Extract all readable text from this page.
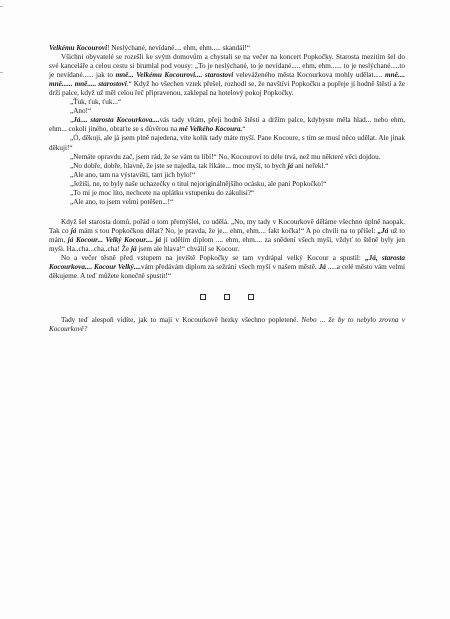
Velkému Kocourovi! Neslýchané, nevídané.... ehm, ehm..... skandál!“

Všichni obyvatelé se rozešli ke svým domovům a chystali se na večer na koncert Popkočky. Starosta mezitím šel do své kanceláře a celou cestu si brumlal pod vousy: „To je neslýchané, to je nevídané..... ehm, ehm...... to je neslýchané.....to je nevídané...... jak to mně... Velkému Kocourovi.... starostovi veleváženého města Kocourkova mohly udělat..... mně.... mně...... mně..... starostovi.“ Když ho všechen vztek přešel, rozhodl se, že navštíví Popkočku a popřeje jí hodně štěstí a že drží palce, když už měl celou řeč připravenou, zaklepal na hotelový pokoj Popkočky.

„Ťuk, ťuk, ťuk...“

„Ano!“

„Já.... starosta Kocourkova....vás tady vítám, přeji hodně štěstí a držím palce, kdybyste měla hlad... nebo ehm, ehm... cokoli jiného, obraťte se s důvěrou na mě Velkého Kocoura.“

„Ó, děkuji, ale já jsem plně najedena, vite kolik tady máte myší. Pane Kocoure, s tím se musí něco udělat. Ale jinak děkuji!“

„Nemáte opravdu zač, jsem rád, že se vám tu líbí!“ No, Kocourovi to déle trvá, než mu některé věci dojdou.

„No dobře, dobře, hlavně, že jste se najedla, tak říkáte... moc myší, to bych já ani neřekl.“

„Ale ano, tam na výstavišti, tam jich bylo!“

„Ježiši, ne, to byly naše uchazečky o titul nejoriginálnějšího ocásku, ale paní Popkočko!“

„To mi je moc líto, nechcete na oplátku vstupenku do zákulisí?“

„Ale ano, to jsem velmi potěšen...!“

Když šel starosta domů, pořád o tom přemýšlel, co udělá. „No, my tady v Kocourkově děláme všechno úplně naopak. Tak co já mám s tou Popkočkou dělat? No, je pravda, že je... ehm, ehm.... fakt kočka!“ A po chvíli na to přišel: „Já už to mám, já Kocour... Velký Kocour.... já jí udělím diplom .... ehm, ehm.... za snědení všech myší, vždyť to štěně byly jen myši. Ha..cha...cha..cha! Že já jsem ale hlava!“ chválil se Kocour.

No a večer těsně před vstupem na jevištĕ Popkočky se tam vydrápal velký Kocour a spustil: „Já, starosta Kocourkova.... Kocour Velký....vám předávám diplom za sežrání všech myší v našem městě. Já .....a celé město vám velmi děkujeme. A teď můžete konečně spustit!“

Tady teď alespoň vidíte, jak to mají v Kocourkově hezky všechno popletené. Nebo ... že by to nebylo zrovna v Kocourkově?
